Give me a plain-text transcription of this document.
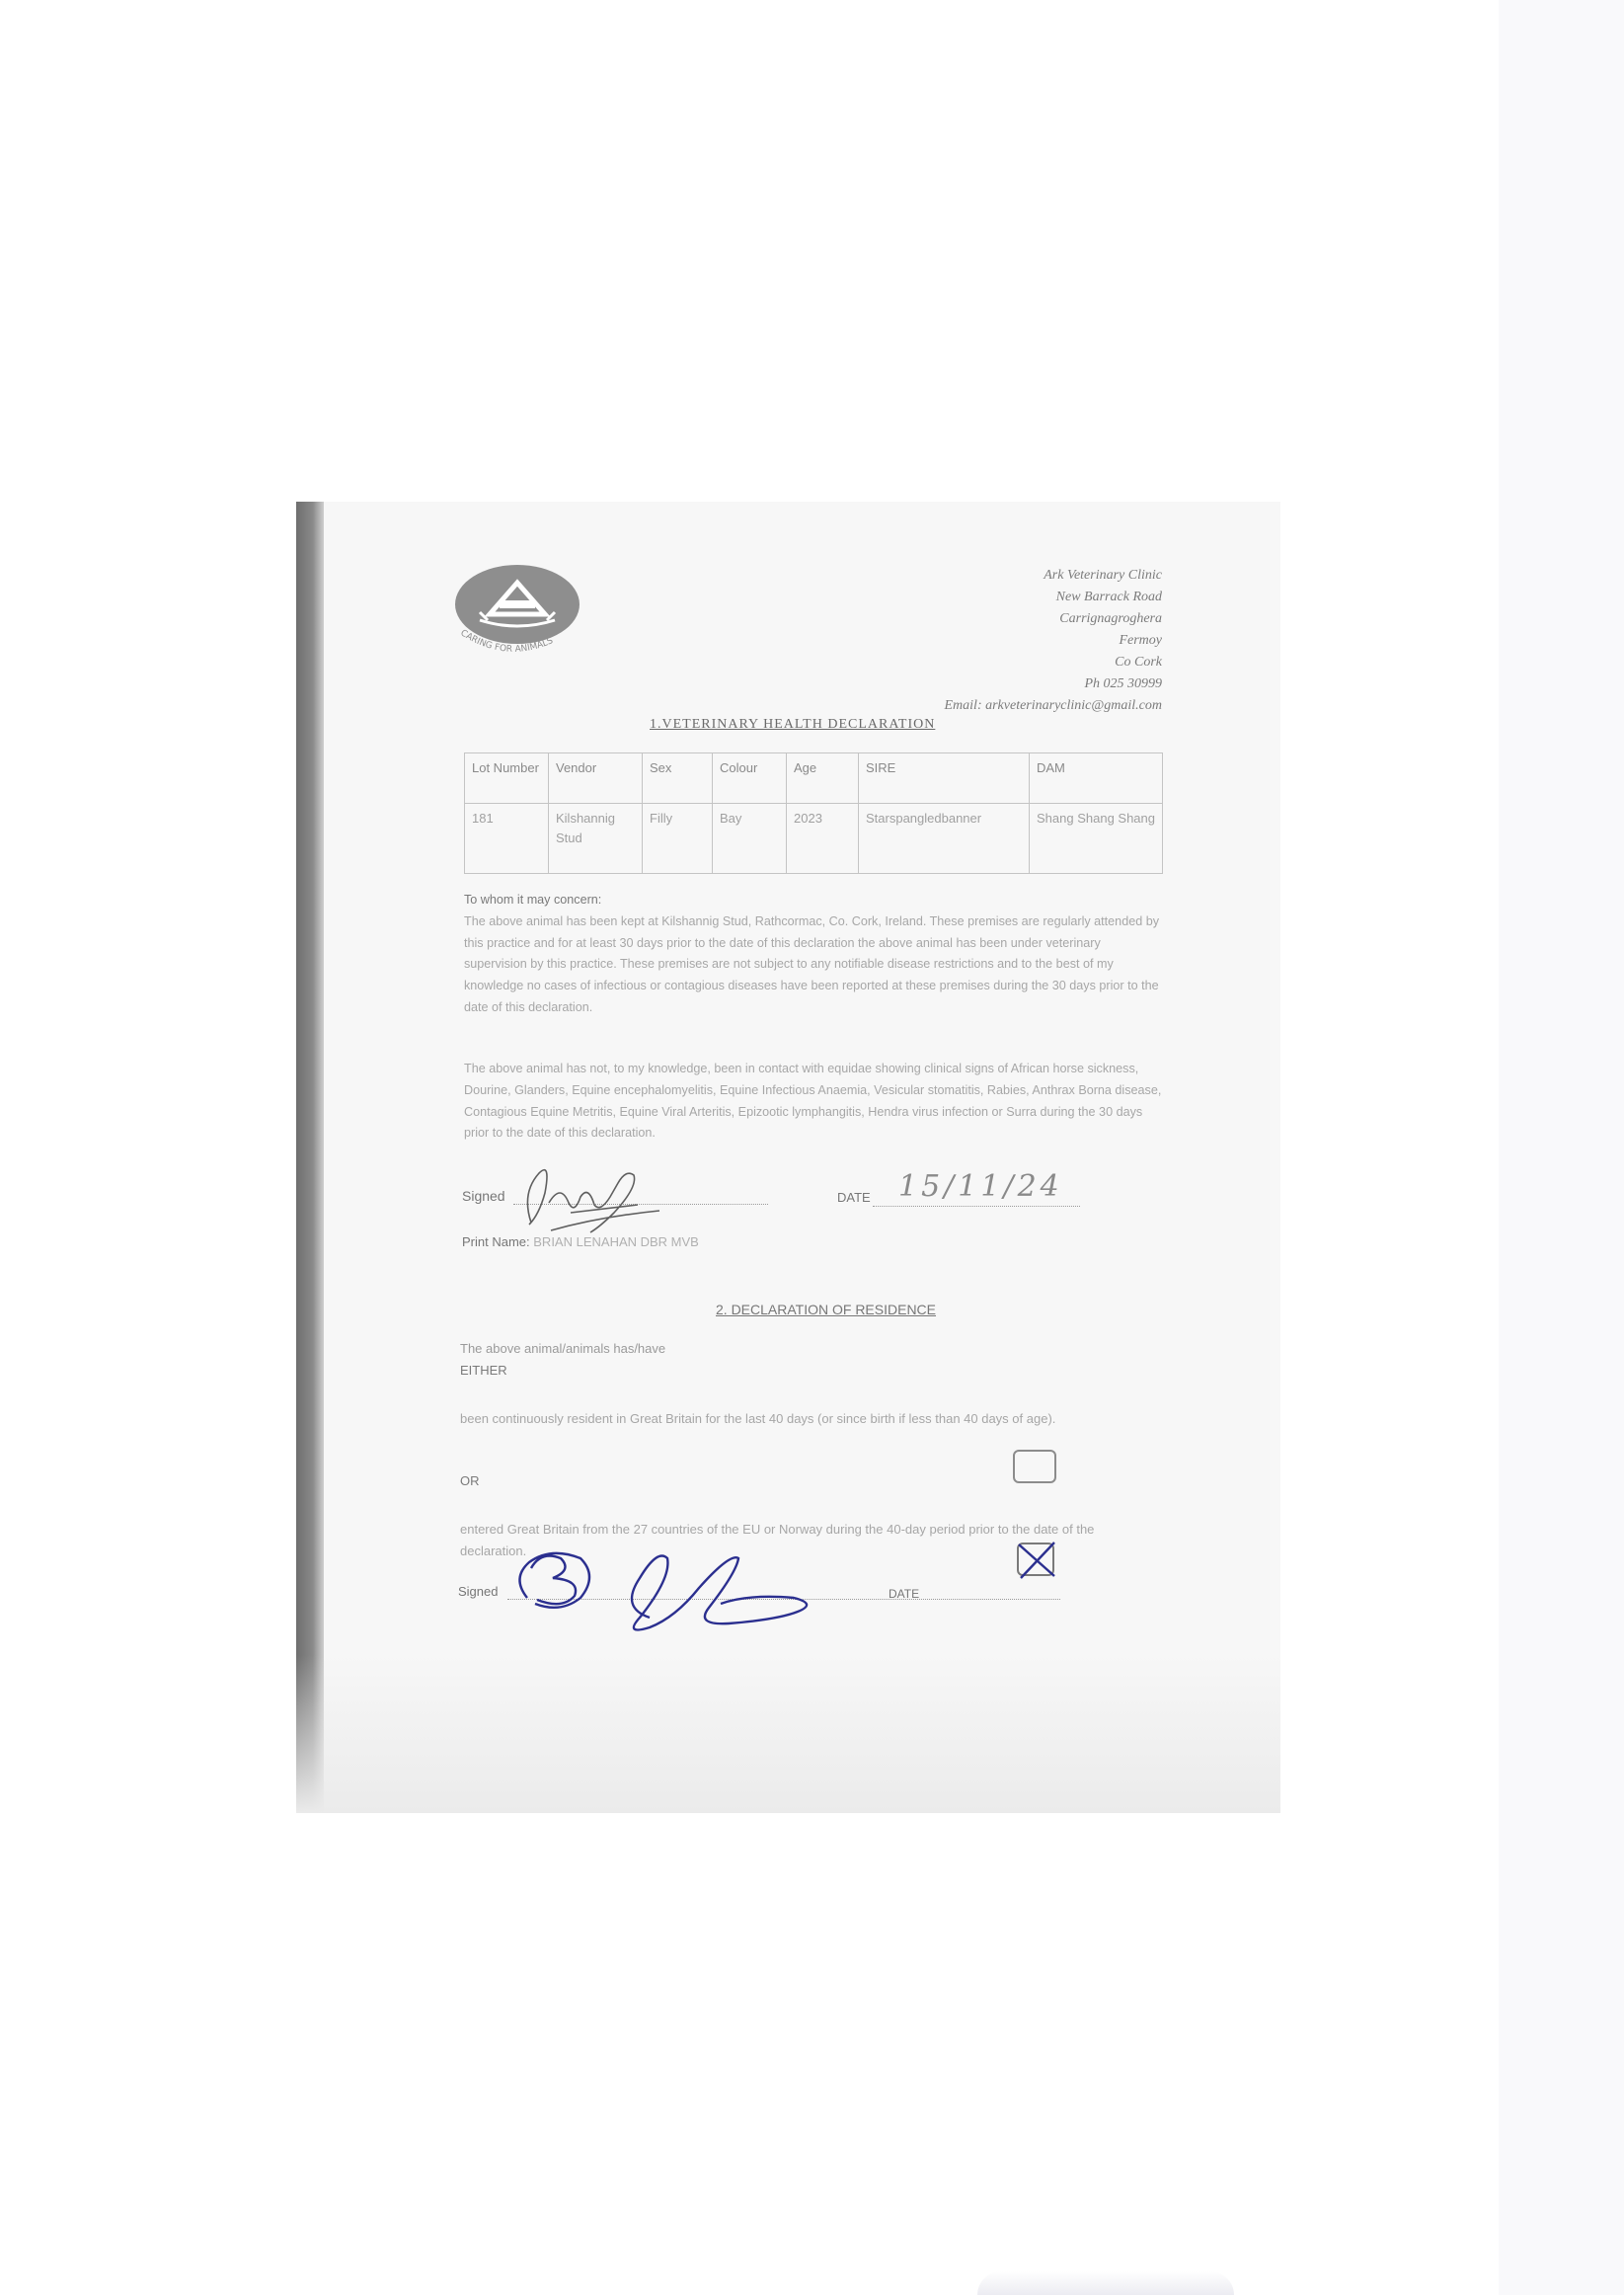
CARING FOR ANIMALS
Ark Veterinary Clinic
New Barrack Road
Carrignagroghera
Fermoy
Co Cork
Ph 025 30999
Email: arkveterinaryclinic@gmail.com
1.VETERINARY HEALTH DECLARATION
Lot Number	Vendor	Sex	Colour	Age	SIRE	DAM
181	Kilshannig Stud	Filly	Bay	2023	Starspangledbanner	Shang Shang Shang
To whom it may concern:
The above animal has been kept at Kilshannig Stud, Rathcormac, Co. Cork, Ireland. These premises are regularly attended by this practice and for at least 30 days prior to the date of this declaration the above animal has been under veterinary supervision by this practice. These premises are not subject to any notifiable disease restrictions and to the best of my knowledge no cases of infectious or contagious diseases have been reported at these premises during the 30 days prior to the date of this declaration.
The above animal has not, to my knowledge, been in contact with equidae showing clinical signs of African horse sickness, Dourine, Glanders, Equine encephalomyelitis, Equine Infectious Anaemia, Vesicular stomatitis, Rabies, Anthrax Borna disease, Contagious Equine Metritis, Equine Viral Arteritis, Epizootic lymphangitis, Hendra virus infection or Surra during the 30 days prior to the date of this declaration.
Signed	DATE 15/11/24
Print Name: BRIAN LENAHAN DBR MVB
2. DECLARATION OF RESIDENCE
The above animal/animals has/have
EITHER
been continuously resident in Great Britain for the last 40 days (or since birth if less than 40 days of age).
OR
entered Great Britain from the 27 countries of the EU or Norway during the 40-day period prior to the date of the declaration.
Signed	DATE
